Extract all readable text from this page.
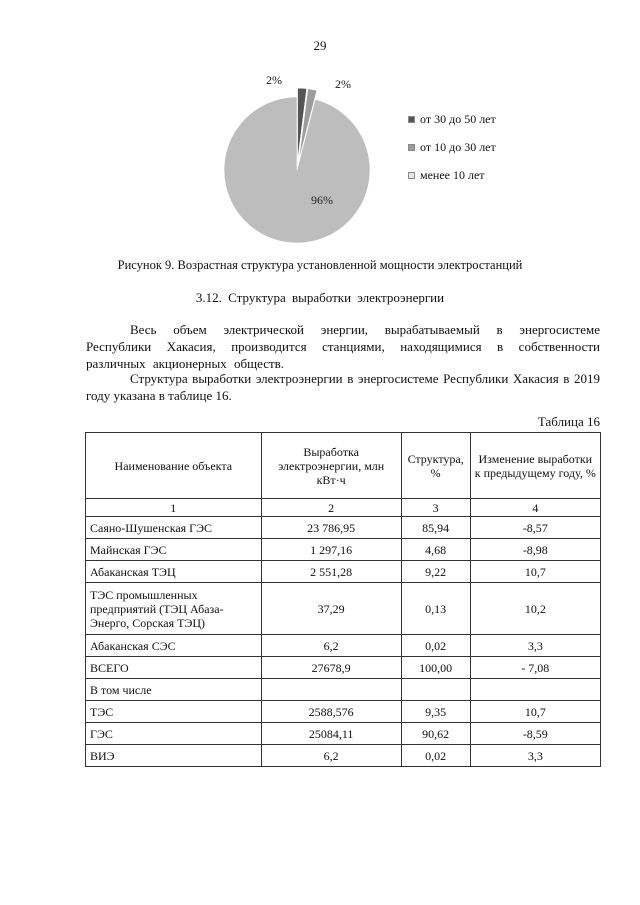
29
2%	2%
96%
от 30 до 50 лет
от 10 до 30 лет
менее 10 лет
Рисунок 9. Возрастная структура установленной мощности электростанций
3.12. Структура выработки электроэнергии
Весь объем электрической энергии, вырабатываемый в энергосистеме Республики Хакасия, производится станциями, находящимися в собственности различных акционерных обществ.
Структура выработки электроэнергии в энергосистеме Республики Хакасия в 2019 году указана в таблице 16.
Таблица 16
Наименование объекта	Выработка электроэнергии, млн кВт·ч	Структура, %	Изменение выработки к предыдущему году, %
1	2	3	4
Саяно-Шушенская ГЭС	23 786,95	85,94	-8,57
Майнская ГЭС	1 297,16	4,68	-8,98
Абаканская ТЭЦ	2 551,28	9,22	10,7
ТЭС промышленных предприятий (ТЭЦ Абаза-Энерго, Сорская ТЭЦ)	37,29	0,13	10,2
Абаканская СЭС	6,2	0,02	3,3
ВСЕГО	27678,9	100,00	- 7,08
В том числе			
ТЭС	2588,576	9,35	10,7
ГЭС	25084,11	90,62	-8,59
ВИЭ	6,2	0,02	3,3
